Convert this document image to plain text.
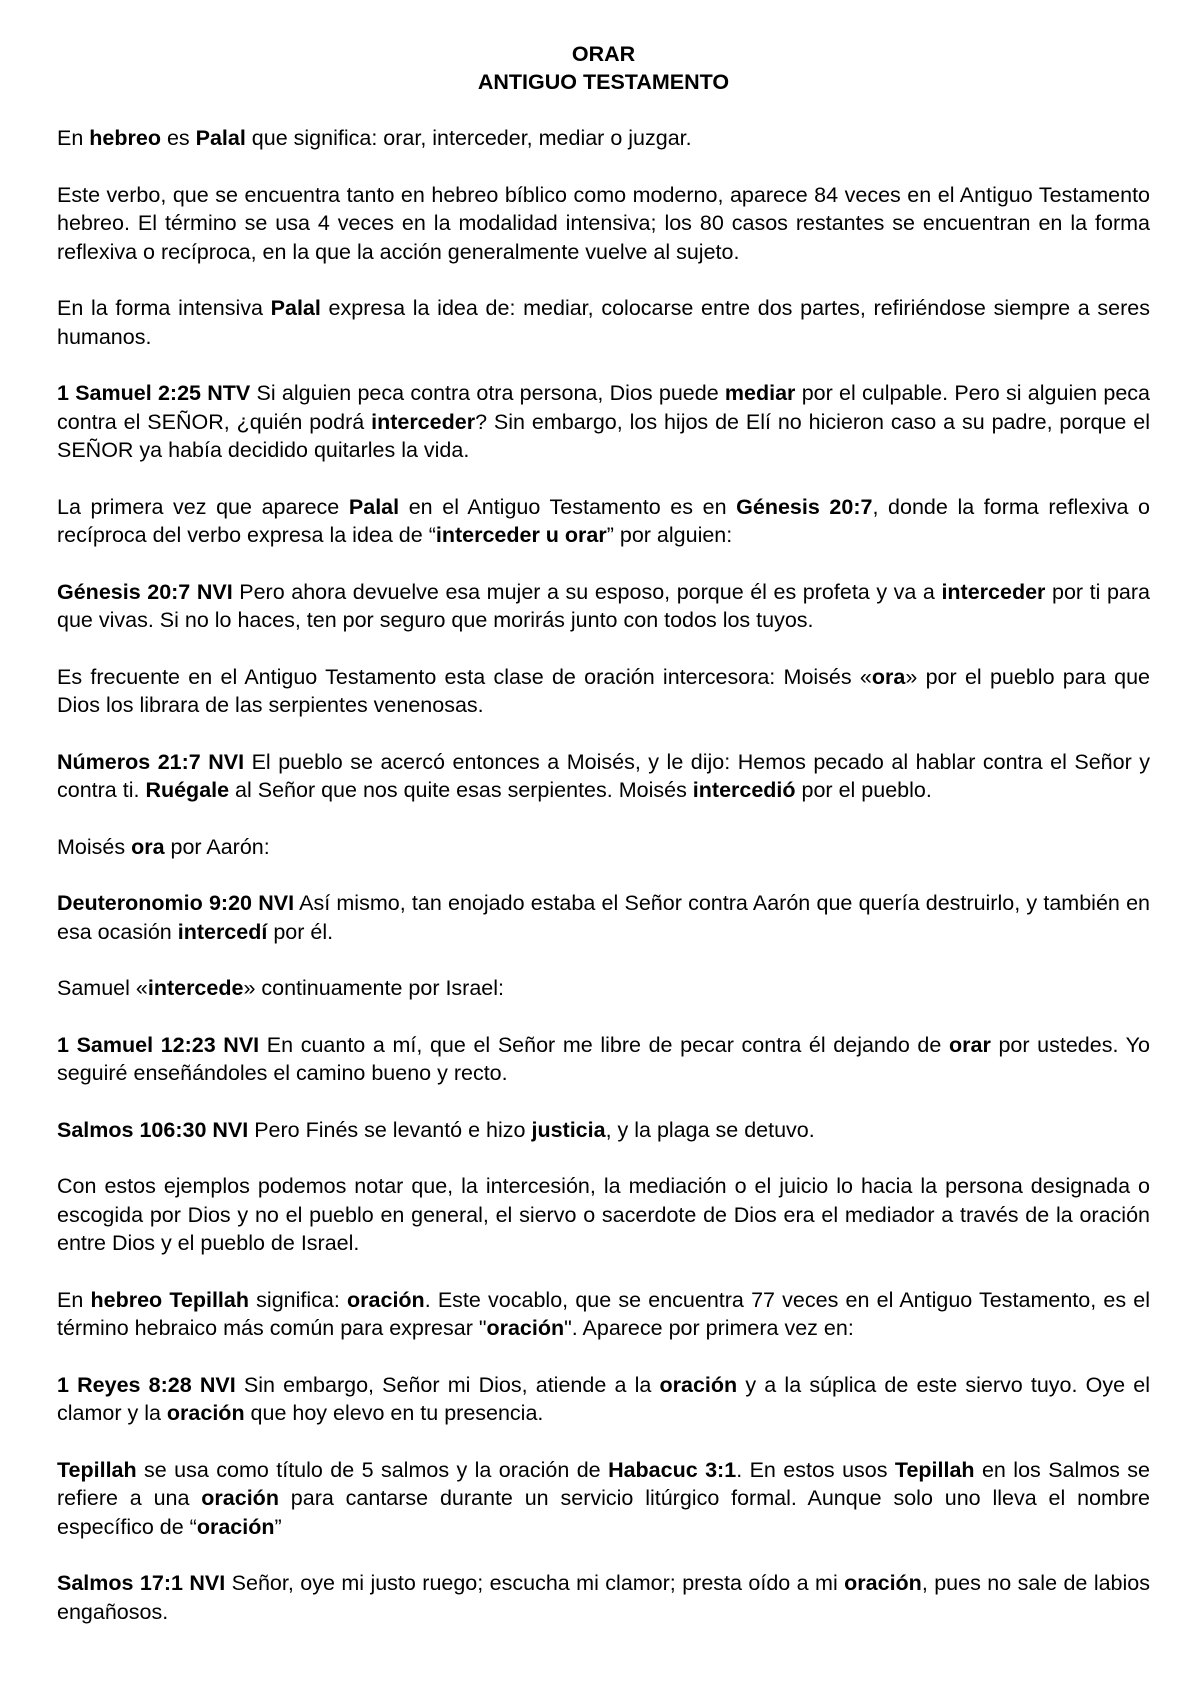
ORAR
ANTIGUO TESTAMENTO

En hebreo es Palal que significa: orar, interceder, mediar o juzgar.

Este verbo, que se encuentra tanto en hebreo bíblico como moderno, aparece 84 veces en el Antiguo Testamento hebreo. El término se usa 4 veces en la modalidad intensiva; los 80 casos restantes se encuentran en la forma reflexiva o recíproca, en la que la acción generalmente vuelve al sujeto.

En la forma intensiva Palal expresa la idea de: mediar, colocarse entre dos partes, refiriéndose siempre a seres humanos.

1 Samuel 2:25 NTV Si alguien peca contra otra persona, Dios puede mediar por el culpable. Pero si alguien peca contra el SEÑOR, ¿quién podrá interceder? Sin embargo, los hijos de Elí no hicieron caso a su padre, porque el SEÑOR ya había decidido quitarles la vida.

La primera vez que aparece Palal en el Antiguo Testamento es en Génesis 20:7, donde la forma reflexiva o recíproca del verbo expresa la idea de “interceder u orar” por alguien:

Génesis 20:7 NVI Pero ahora devuelve esa mujer a su esposo, porque él es profeta y va a interceder por ti para que vivas. Si no lo haces, ten por seguro que morirás junto con todos los tuyos.

Es frecuente en el Antiguo Testamento esta clase de oración intercesora: Moisés «ora» por el pueblo para que Dios los librara de las serpientes venenosas.

Números 21:7 NVI El pueblo se acercó entonces a Moisés, y le dijo: Hemos pecado al hablar contra el Señor y contra ti. Ruégale al Señor que nos quite esas serpientes. Moisés intercedió por el pueblo.

Moisés ora por Aarón:

Deuteronomio 9:20 NVI Así mismo, tan enojado estaba el Señor contra Aarón que quería destruirlo, y también en esa ocasión intercedí por él.

Samuel «intercede» continuamente por Israel:

1 Samuel 12:23 NVI En cuanto a mí, que el Señor me libre de pecar contra él dejando de orar por ustedes. Yo seguiré enseñándoles el camino bueno y recto.

Salmos 106:30 NVI Pero Finés se levantó e hizo justicia, y la plaga se detuvo.

Con estos ejemplos podemos notar que, la intercesión, la mediación o el juicio lo hacia la persona designada o escogida por Dios y no el pueblo en general, el siervo o sacerdote de Dios era el mediador a través de la oración entre Dios y el pueblo de Israel.

En hebreo Tepillah significa: oración. Este vocablo, que se encuentra 77 veces en el Antiguo Testamento, es el término hebraico más común para expresar "oración". Aparece por primera vez en:

1 Reyes 8:28 NVI Sin embargo, Señor mi Dios, atiende a la oración y a la súplica de este siervo tuyo. Oye el clamor y la oración que hoy elevo en tu presencia.

Tepillah se usa como título de 5 salmos y la oración de Habacuc 3:1. En estos usos Tepillah en los Salmos se refiere a una oración para cantarse durante un servicio litúrgico formal. Aunque solo uno lleva el nombre específico de “oración”

Salmos 17:1 NVI Señor, oye mi justo ruego; escucha mi clamor; presta oído a mi oración, pues no sale de labios engañosos.
